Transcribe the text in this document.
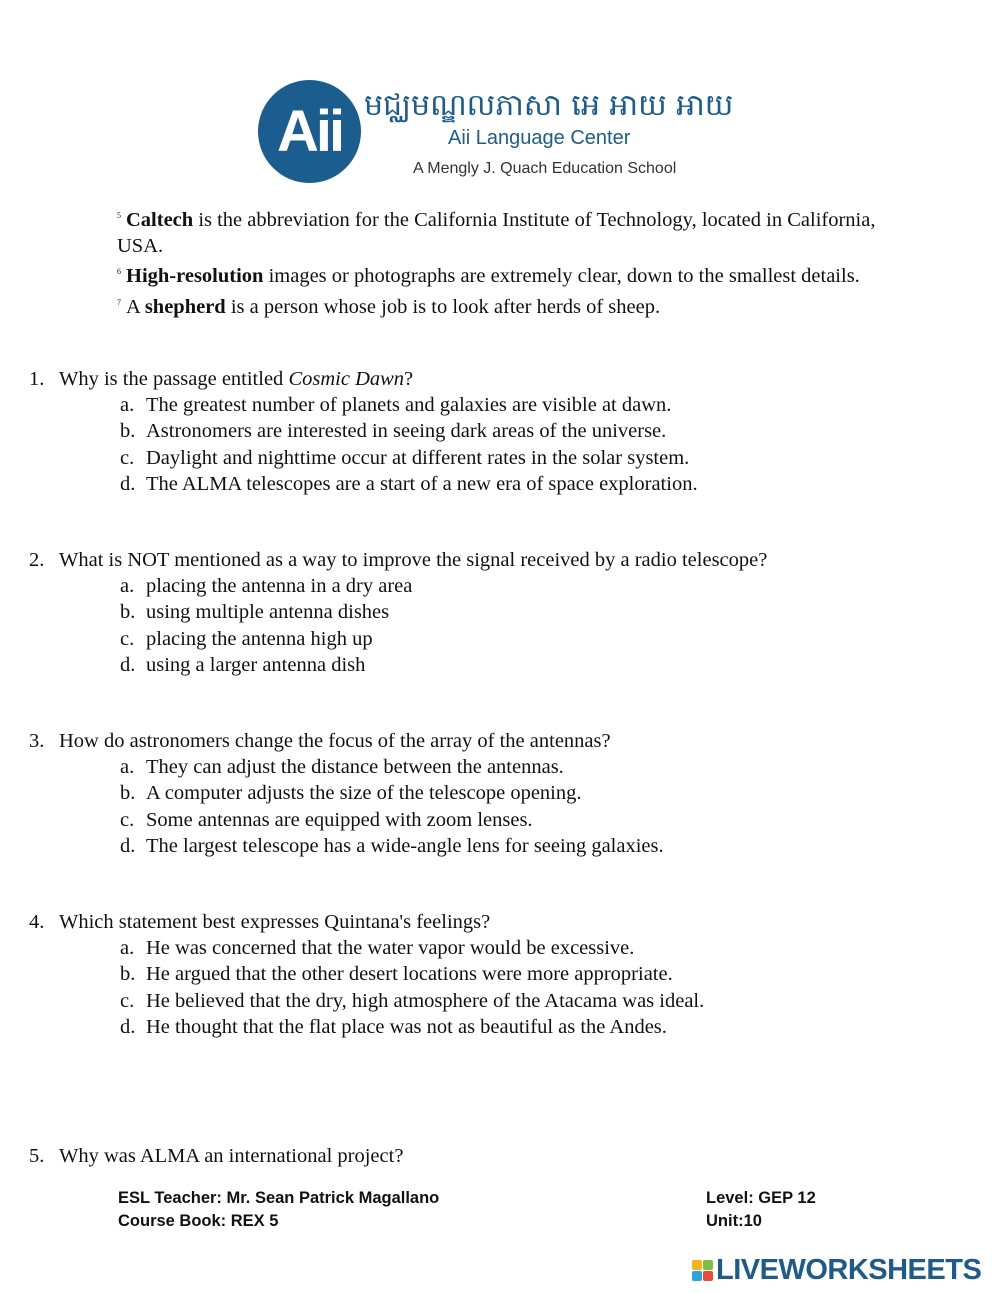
Aii មជ្ឈមណ្ឌលភាសា អេ អាយ អាយ
Aii Language Center
A Mengly J. Quach Education School
$^5$ Caltech is the abbreviation for the California Institute of Technology, located in California, USA.
$^6$ High-resolution images or photographs are extremely clear, down to the smallest details.
$^7$ A shepherd is a person whose job is to look after herds of sheep.
1. Why is the passage entitled Cosmic Dawn?
a. The greatest number of planets and galaxies are visible at dawn.
b. Astronomers are interested in seeing dark areas of the universe.
c. Daylight and nighttime occur at different rates in the solar system.
d. The ALMA telescopes are a start of a new era of space exploration.
2. What is NOT mentioned as a way to improve the signal received by a radio telescope?
a. placing the antenna in a dry area
b. using multiple antenna dishes
c. placing the antenna high up
d. using a larger antenna dish
3. How do astronomers change the focus of the array of the antennas?
a. They can adjust the distance between the antennas.
b. A computer adjusts the size of the telescope opening.
c. Some antennas are equipped with zoom lenses.
d. The largest telescope has a wide-angle lens for seeing galaxies.
4. Which statement best expresses Quintana's feelings?
a. He was concerned that the water vapor would be excessive.
b. He argued that the other desert locations were more appropriate.
c. He believed that the dry, high atmosphere of the Atacama was ideal.
d. He thought that the flat place was not as beautiful as the Andes.
5. Why was ALMA an international project?
ESL Teacher: Mr. Sean Patrick Magallano
Course Book: REX 5
Level: GEP 12
Unit:10
LIVEWORKSHEETS
